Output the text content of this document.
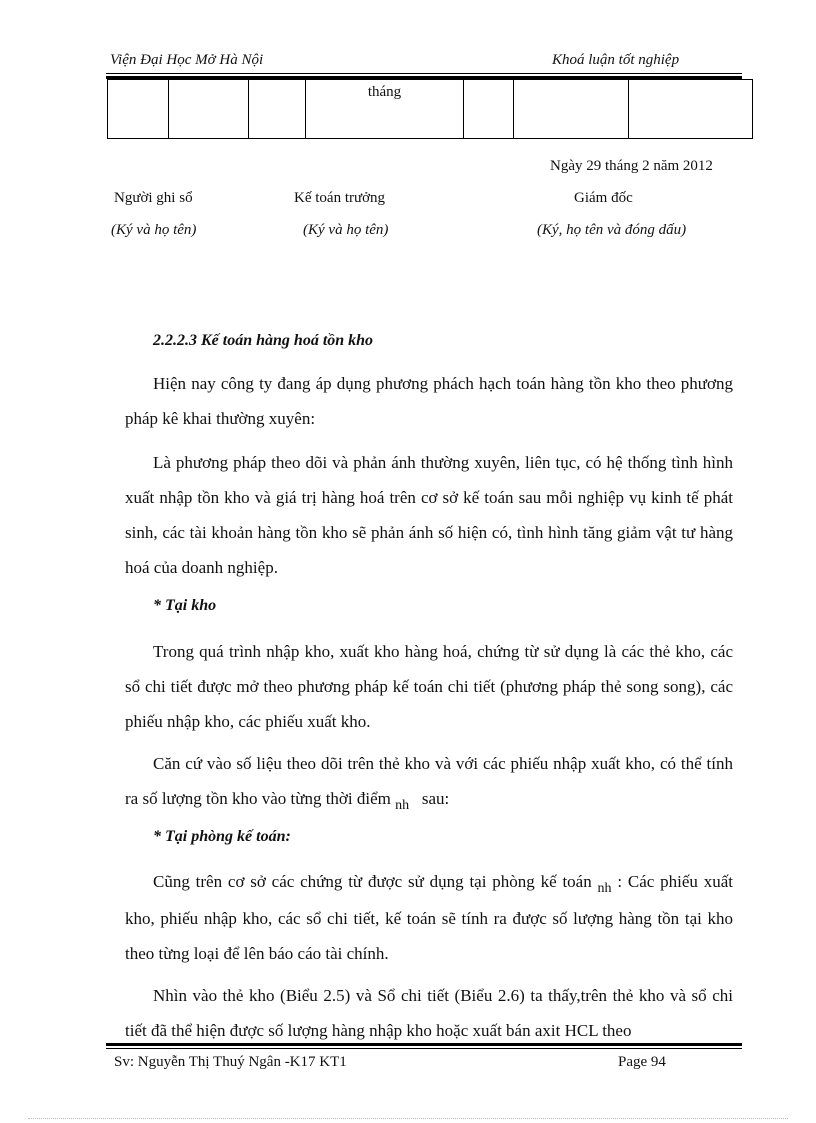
Viện Đại Học Mở Hà Nội	Khoá luận tốt nghiệp
			tháng				
Ngày 29 tháng 2 năm 2012
Người ghi sổ	Kế toán trưởng	Giám đốc
(Ký và họ tên)	(Ký và họ tên)	(Ký, họ tên và đóng dấu)
2.2.2.3 Kế toán hàng hoá tồn kho

Hiện nay công ty đang áp dụng phương phách hạch toán hàng tồn kho theo phương pháp kê khai thường xuyên:

Là phương pháp theo dõi và phản ánh thường xuyên, liên tục, có hệ thống tình hình xuất nhập tồn kho và giá trị hàng hoá trên cơ sở kế toán sau mỗi nghiệp vụ kinh tế phát sinh, các tài khoản hàng tồn kho sẽ phản ánh số hiện có, tình hình tăng giảm vật tư hàng hoá của doanh nghiệp.

* Tại kho

Trong quá trình nhập kho, xuất kho hàng hoá, chứng từ sử dụng là các thẻ kho, các sổ chi tiết được mở theo phương pháp kế toán chi tiết (phương pháp thẻ song song), các phiếu nhập kho, các phiếu xuất kho.

Căn cứ vào số liệu theo dõi trên thẻ kho và với các phiếu nhập xuất kho, có thể tính ra số lượng tồn kho vào từng thời điểm $_{nh}$ sau:

* Tại phòng kế toán:

Cũng trên cơ sở các chứng từ được sử dụng tại phòng kế toán $_{nh}$ : Các phiếu xuất kho, phiếu nhập kho, các sổ chi tiết, kế toán sẽ tính ra được số lượng hàng tồn tại kho theo từng loại để lên báo cáo tài chính.

Nhìn vào thẻ kho (Biểu 2.5) và Sổ chi tiết (Biểu 2.6) ta thấy,trên thẻ kho và sổ chi tiết đã thể hiện được số lượng hàng nhập kho hoặc xuất bán axit HCL theo

Sv: Nguyễn Thị Thuý Ngân -K17 KT1	Page 94
